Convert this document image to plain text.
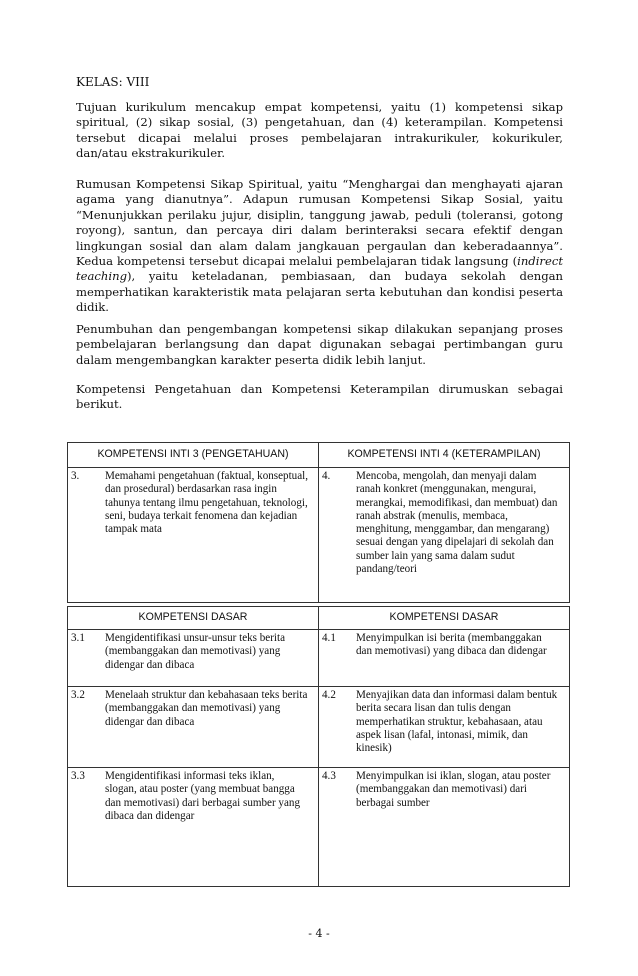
KELAS: VIII

Tujuan kurikulum mencakup empat kompetensi, yaitu (1) kompetensi sikap spiritual, (2) sikap sosial, (3) pengetahuan, dan (4) keterampilan. Kompetensi tersebut dicapai melalui proses pembelajaran intrakurikuler, kokurikuler, dan/atau ekstrakurikuler.

Rumusan Kompetensi Sikap Spiritual, yaitu “Menghargai dan menghayati ajaran agama yang dianutnya”. Adapun rumusan Kompetensi Sikap Sosial, yaitu “Menunjukkan perilaku jujur, disiplin, tanggung jawab, peduli (toleransi, gotong royong), santun, dan percaya diri dalam berinteraksi secara efektif dengan lingkungan sosial dan alam dalam jangkauan pergaulan dan keberadaannya”. Kedua kompetensi tersebut dicapai melalui pembelajaran tidak langsung (indirect teaching), yaitu keteladanan, pembiasaan, dan budaya sekolah dengan memperhatikan karakteristik mata pelajaran serta kebutuhan dan kondisi peserta didik.

Penumbuhan dan pengembangan kompetensi sikap dilakukan sepanjang proses pembelajaran berlangsung dan dapat digunakan sebagai pertimbangan guru dalam mengembangkan karakter peserta didik lebih lanjut.

Kompetensi Pengetahuan dan Kompetensi Keterampilan dirumuskan sebagai berikut.

KOMPETENSI INTI 3 (PENGETAHUAN)	KOMPETENSI INTI 4 (KETERAMPILAN)

3. Memahami pengetahuan (faktual, konseptual, dan prosedural) berdasarkan rasa ingin tahunya tentang ilmu pengetahuan, teknologi, seni, budaya terkait fenomena dan kejadian tampak mata	4. Mencoba, mengolah, dan menyaji dalam ranah konkret (menggunakan, mengurai, merangkai, memodifikasi, dan membuat) dan ranah abstrak (menulis, membaca, menghitung, menggambar, dan mengarang) sesuai dengan yang dipelajari di sekolah dan sumber lain yang sama dalam sudut pandang/teori
KOMPETENSI DASAR	KOMPETENSI DASAR

3.1 Mengidentifikasi unsur-unsur teks berita (membanggakan dan memotivasi) yang didengar dan dibaca	4.1 Menyimpulkan isi berita (membanggakan dan memotivasi) yang dibaca dan didengar

3.2 Menelaah struktur dan kebahasaan teks berita (membanggakan dan memotivasi) yang didengar dan dibaca	4.2 Menyajikan data dan informasi dalam bentuk berita secara lisan dan tulis dengan memperhatikan struktur, kebahasaan, atau aspek lisan (lafal, intonasi, mimik, dan kinesik)

3.3 Mengidentifikasi informasi teks iklan, slogan, atau poster (yang membuat bangga dan memotivasi) dari berbagai sumber yang dibaca dan didengar	4.3 Menyimpulkan isi iklan, slogan, atau poster (membanggakan dan memotivasi) dari berbagai sumber
- 4 -
